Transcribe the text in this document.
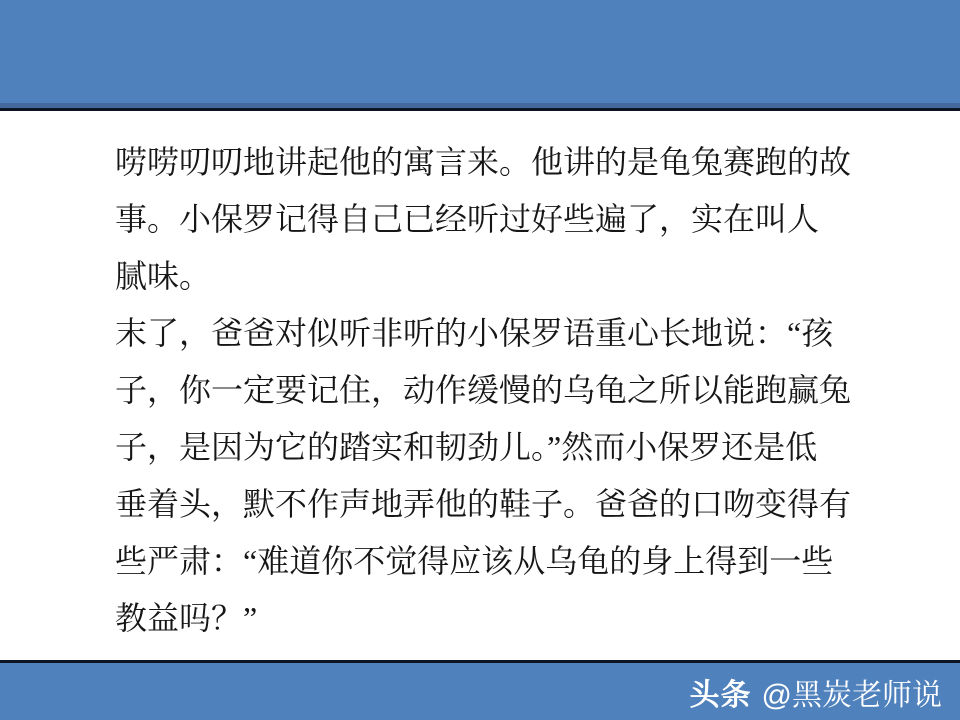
唠唠叨叨地讲起他的寓言来。他讲的是龟兔赛跑的故
事。小保罗记得自己已经听过好些遍了，实在叫人
腻味。
末了，爸爸对似听非听的小保罗语重心长地说：“孩
子，你一定要记住，动作缓慢的乌龟之所以能跑赢兔
子，是因为它的踏实和韧劲儿。”然而小保罗还是低
垂着头，默不作声地弄他的鞋子。爸爸的口吻变得有
些严肃：“难道你不觉得应该从乌龟的身上得到一些
教益吗？”
头条 @黑炭老师说
